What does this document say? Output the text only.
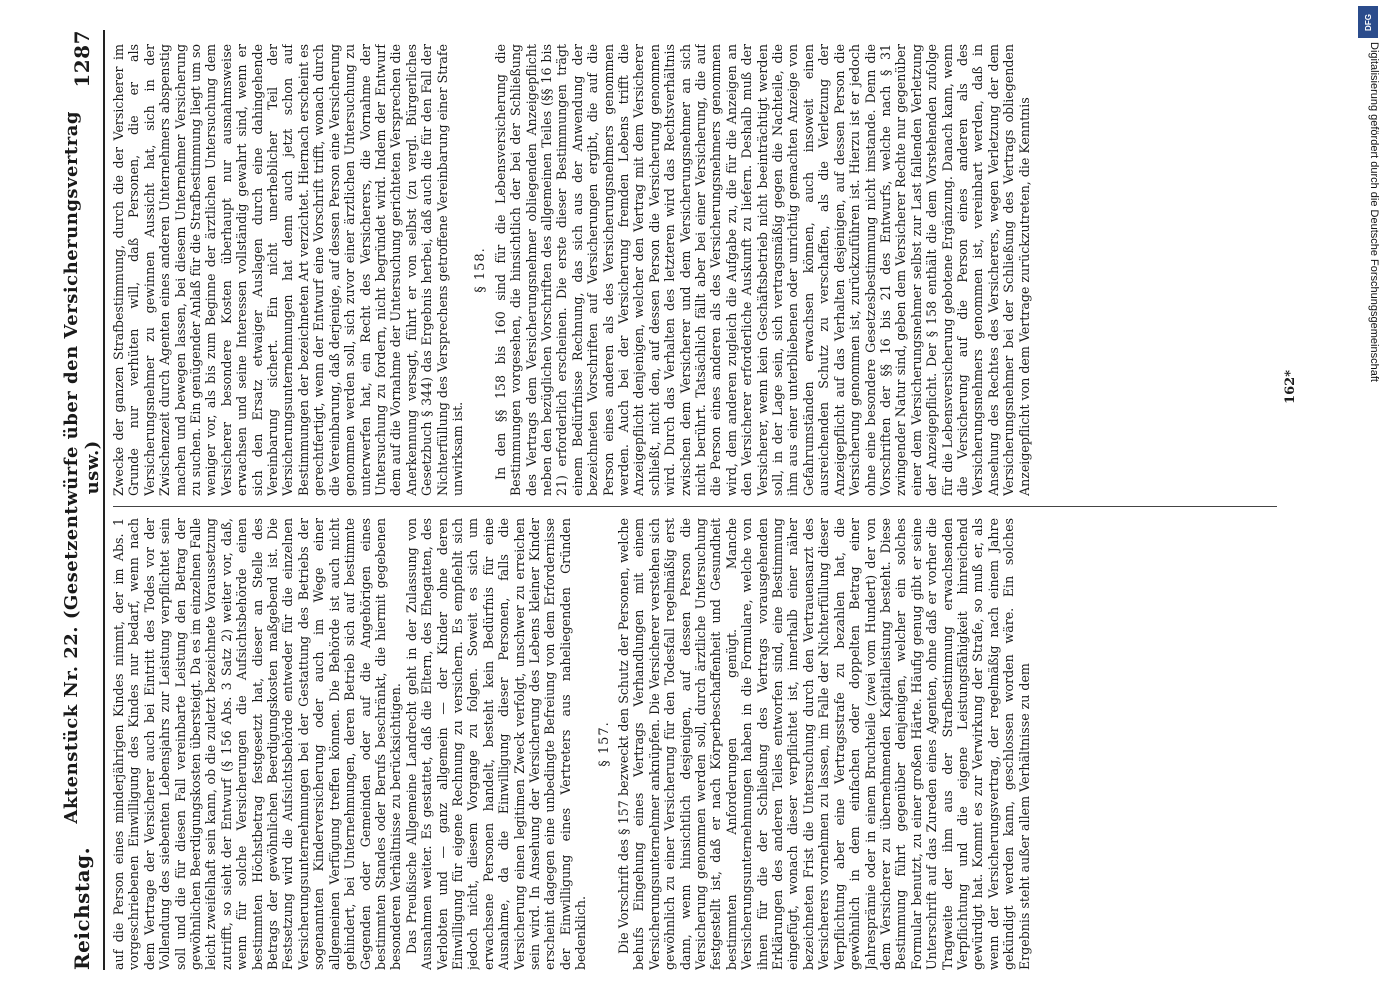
Reichstag.
Aktenstück Nr. 22. (Gesetzentwürfe über den Versicherungsvertrag usw.)
1287

auf die Person eines minderjährigen Kindes nimmt, der im Abs. 1 vorgeschriebenen Einwilligung des Kindes nur bedarf, wenn nach dem Vertrage der Versicherer auch bei Eintritt des Todes vor der Vollendung des siebenten Lebensjahrs zur Leistung verpflichtet sein soll und die für diesen Fall vereinbarte Leistung den Betrag der gewöhnlichen Beerdigungskosten übersteigt. Da es im einzelnen Falle leicht zweifelhaft sein kann, ob die zuletzt bezeichnete Voraussetzung zutrifft, so sieht der Entwurf (§ 156 Abs. 3 Satz 2) weiter vor, daß, wenn für solche Versicherungen die Aufsichtsbehörde einen bestimmten Höchstbetrag festgesetzt hat, dieser an Stelle des Betrags der gewöhnlichen Beerdigungskosten maßgebend ist. Die Festsetzung wird die Aufsichtsbehörde entweder für die einzelnen Versicherungsunternehmungen bei der Gestattung des Betriebs der sogenannten Kinderversicherung oder auch im Wege einer allgemeinen Verfügung treffen können. Die Behörde ist auch nicht gehindert, bei Unternehmungen, deren Betrieb sich auf bestimmte Gegenden oder Gemeinden oder auf die Angehörigen eines bestimmten Standes oder Berufs beschränkt, die hiermit gegebenen besonderen Verhältnisse zu berücksichtigen. Das Preußische Allgemeine Landrecht geht in der Zulassung von Ausnahmen weiter. Es gestattet, daß die Eltern, des Ehegatten, des Verlobten und — ganz allgemein — der Kinder ohne deren Einwilligung für eigene Rechnung zu versichern. Es empfiehlt sich jedoch nicht, diesem Vorgange zu folgen. Soweit es sich um erwachsene Personen handelt, besteht kein Bedürfnis für eine Ausnahme, da die Einwilligung dieser Personen, falls die Versicherung einen legitimen Zweck verfolgt, unschwer zu erreichen sein wird. In Ansehung der Versicherung des Lebens kleiner Kinder erscheint dagegen eine unbedingte Befreiung von dem Erfordernisse der Einwilligung eines Vertreters aus naheliegenden Gründen bedenklich.

§ 157. Die Vorschrift des § 157 bezweckt den Schutz der Personen, welche behufs Eingehung eines Vertrags Verhandlungen mit einem Versicherungsunternehmer anknüpfen. Die Versicherer verstehen sich gewöhnlich zu einer Versicherung für den Todesfall regelmäßig erst dann, wenn hinsichtlich desjenigen, auf dessen Person die Versicherung genommen werden soll, durch ärztliche Untersuchung festgestellt ist, daß er nach Körperbeschaffenheit und Gesundheit bestimmten Anforderungen genügt. Manche Versicherungsunternehmungen haben in die Formulare, welche von ihnen für die der Schließung des Vertrags vorausgehenden Erklärungen des anderen Teiles entworfen sind, eine Bestimmung eingefügt, wonach dieser verpflichtet ist, innerhalb einer näher bezeichneten Frist die Untersuchung durch den Vertrauensarzt des Versicherers vornehmen zu lassen, im Falle der Nichterfüllung dieser Verpflichtung aber eine Vertragsstrafe zu bezahlen hat, die gewöhnlich in dem einfachen oder doppelten Betrag einer Jahresprämie oder in einem Bruchteile (zwei vom Hundert) der von dem Versicherer zu übernehmenden Kapitalleistung besteht. Diese Bestimmung führt gegenüber denjenigen, welcher ein solches Formular benutzt, zu einer großen Härte. Häufig genug gibt er seine Unterschrift auf das Zureden eines Agenten, ohne daß er vorher die Tragweite der ihm aus der Strafbestimmung erwachsenden Verpflichtung und die eigene Leistungsfähigkeit hinreichend gewürdigt hat. Kommt es zur Verwirkung der Strafe, so muß er, als wenn der Versicherungsvertrag, der regelmäßig nach einem Jahre gekündigt werden kann, geschlossen worden wäre. Ein solches Ergebnis steht außer allem Verhältnisse zu dem

Zwecke der ganzen Strafbestimmung, durch die der Versicherer im Grunde nur verhüten will, daß Personen, die er als Versicherungsnehmer zu gewinnen Aussicht hat, sich in der Zwischenzeit durch Agenten eines anderen Unternehmers abspenstig machen und bewegen lassen, bei diesem Unternehmer Versicherung zu suchen. Ein genügender Anlaß für die Strafbestimmung liegt um so weniger vor, als bis zum Beginne der ärztlichen Untersuchung dem Versicherer besondere Kosten überhaupt nur ausnahmsweise erwachsen und seine Interessen vollständig gewahrt sind, wenn er sich den Ersatz etwaiger Auslagen durch eine dahingehende Vereinbarung sichert. Ein nicht unerheblicher Teil der Versicherungsunternehmungen hat denn auch jetzt schon auf Bestimmungen der bezeichneten Art verzichtet. Hiernach erscheint es gerechtfertigt, wenn der Entwurf eine Vorschrift trifft, wonach durch die Vereinbarung, daß derjenige, auf dessen Person eine Versicherung genommen werden soll, sich zuvor einer ärztlichen Untersuchung zu unterwerfen hat, ein Recht des Versicherers, die Vornahme der Untersuchung zu fordern, nicht begründet wird. Indem der Entwurf dem auf die Vornahme der Untersuchung gerichteten Versprechen die Anerkennung versagt, führt er von selbst (zu vergl. Bürgerliches Gesetzbuch § 344) das Ergebnis herbei, daß auch die für den Fall der Nichterfüllung des Versprechens getroffene Vereinbarung einer Strafe unwirksam ist.

§ 158. In den §§ 158 bis 160 sind für die Lebensversicherung die Bestimmungen vorgesehen, die hinsichtlich der bei der Schließung des Vertrags dem Versicherungsnehmer obliegenden Anzeigepflicht neben den bezüglichen Vorschriften des allgemeinen Teiles (§§ 16 bis 21) erforderlich erscheinen. Die erste dieser Bestimmungen trägt einem Bedürfnisse Rechnung, das sich aus der Anwendung der bezeichneten Vorschriften auf Versicherungen ergibt, die auf die Person eines anderen als des Versicherungsnehmers genommen werden. Auch bei der Versicherung fremden Lebens trifft die Anzeigepflicht denjenigen, welcher den Vertrag mit dem Versicherer schließt, nicht den, auf dessen Person die Versicherung genommen wird. Durch das Verhalten des letzteren wird das Rechtsverhältnis zwischen dem Versicherer und dem Versicherungsnehmer an sich nicht berührt. Tatsächlich fällt aber bei einer Versicherung, die auf die Person eines anderen als des Versicherungsnehmers genommen wird, dem anderen zugleich die Aufgabe zu, die für die Anzeigen an den Versicherer erforderliche Auskunft zu liefern. Deshalb muß der Versicherer, wenn kein Geschäftsbetrieb nicht beeinträchtigt werden soll, in der Lage sein, sich vertragsmäßig gegen die Nachteile, die ihm aus einer unterbliebenen oder unrichtig gemachten Anzeige von Gefahrumständen erwachsen können, auch insoweit einen ausreichenden Schutz zu verschaffen, als die Verletzung der Anzeigepflicht auf das Verhalten desjenigen, auf dessen Person die Versicherung genommen ist, zurückzuführen ist. Hierzu ist er jedoch ohne eine besondere Gesetzesbestimmung nicht imstande. Denn die Vorschriften der §§ 16 bis 21 des Entwurfs, welche nach § 31 zwingender Natur sind, geben dem Versicherer Rechte nur gegenüber einer dem Versicherungsnehmer selbst zur Last fallenden Verletzung der Anzeigepflicht. Der § 158 enthält die dem Vorstehenden zufolge für die Lebensversicherung gebotene Ergänzung. Danach kann, wenn die Versicherung auf die Person eines anderen als des Versicherungsnehmers genommen ist, vereinbart werden, daß in Ansehung des Rechtes des Versicherers, wegen Verletzung der dem Versicherungsnehmer bei der Schließung des Vertrags obliegenden Anzeigepflicht von dem Vertrage zurückzutreten, die Kenntnis	162*
DFG
Digitalisierung gefördert durch die Deutsche Forschungsgemeinschaft
